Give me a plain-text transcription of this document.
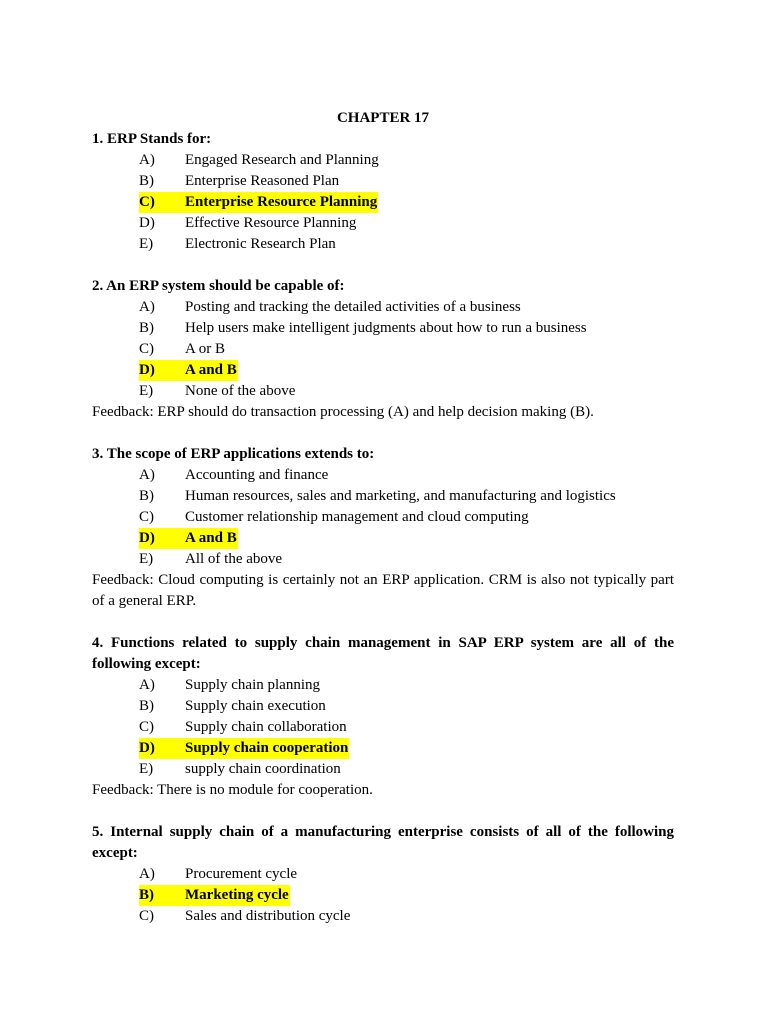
CHAPTER 17

1. ERP Stands for:

A) Engaged Research and Planning
B) Enterprise Reasoned Plan
C) Enterprise Resource Planning
D) Effective Resource Planning
E) Electronic Research Plan

2. An ERP system should be capable of:

A) Posting and tracking the detailed activities of a business
B) Help users make intelligent judgments about how to run a business
C) A or B
D) A and B
E) None of the above

Feedback: ERP should do transaction processing (A) and help decision making (B).

3. The scope of ERP applications extends to:

A) Accounting and finance
B) Human resources, sales and marketing, and manufacturing and logistics
C) Customer relationship management and cloud computing
D) A and B
E) All of the above

Feedback: Cloud computing is certainly not an ERP application. CRM is also not typically part of a general ERP.

4. Functions related to supply chain management in SAP ERP system are all of the following except:

A) Supply chain planning
B) Supply chain execution
C) Supply chain collaboration
D) Supply chain cooperation
E) supply chain coordination

Feedback: There is no module for cooperation.

5. Internal supply chain of a manufacturing enterprise consists of all of the following except:

A) Procurement cycle
B) Marketing cycle
C) Sales and distribution cycle
